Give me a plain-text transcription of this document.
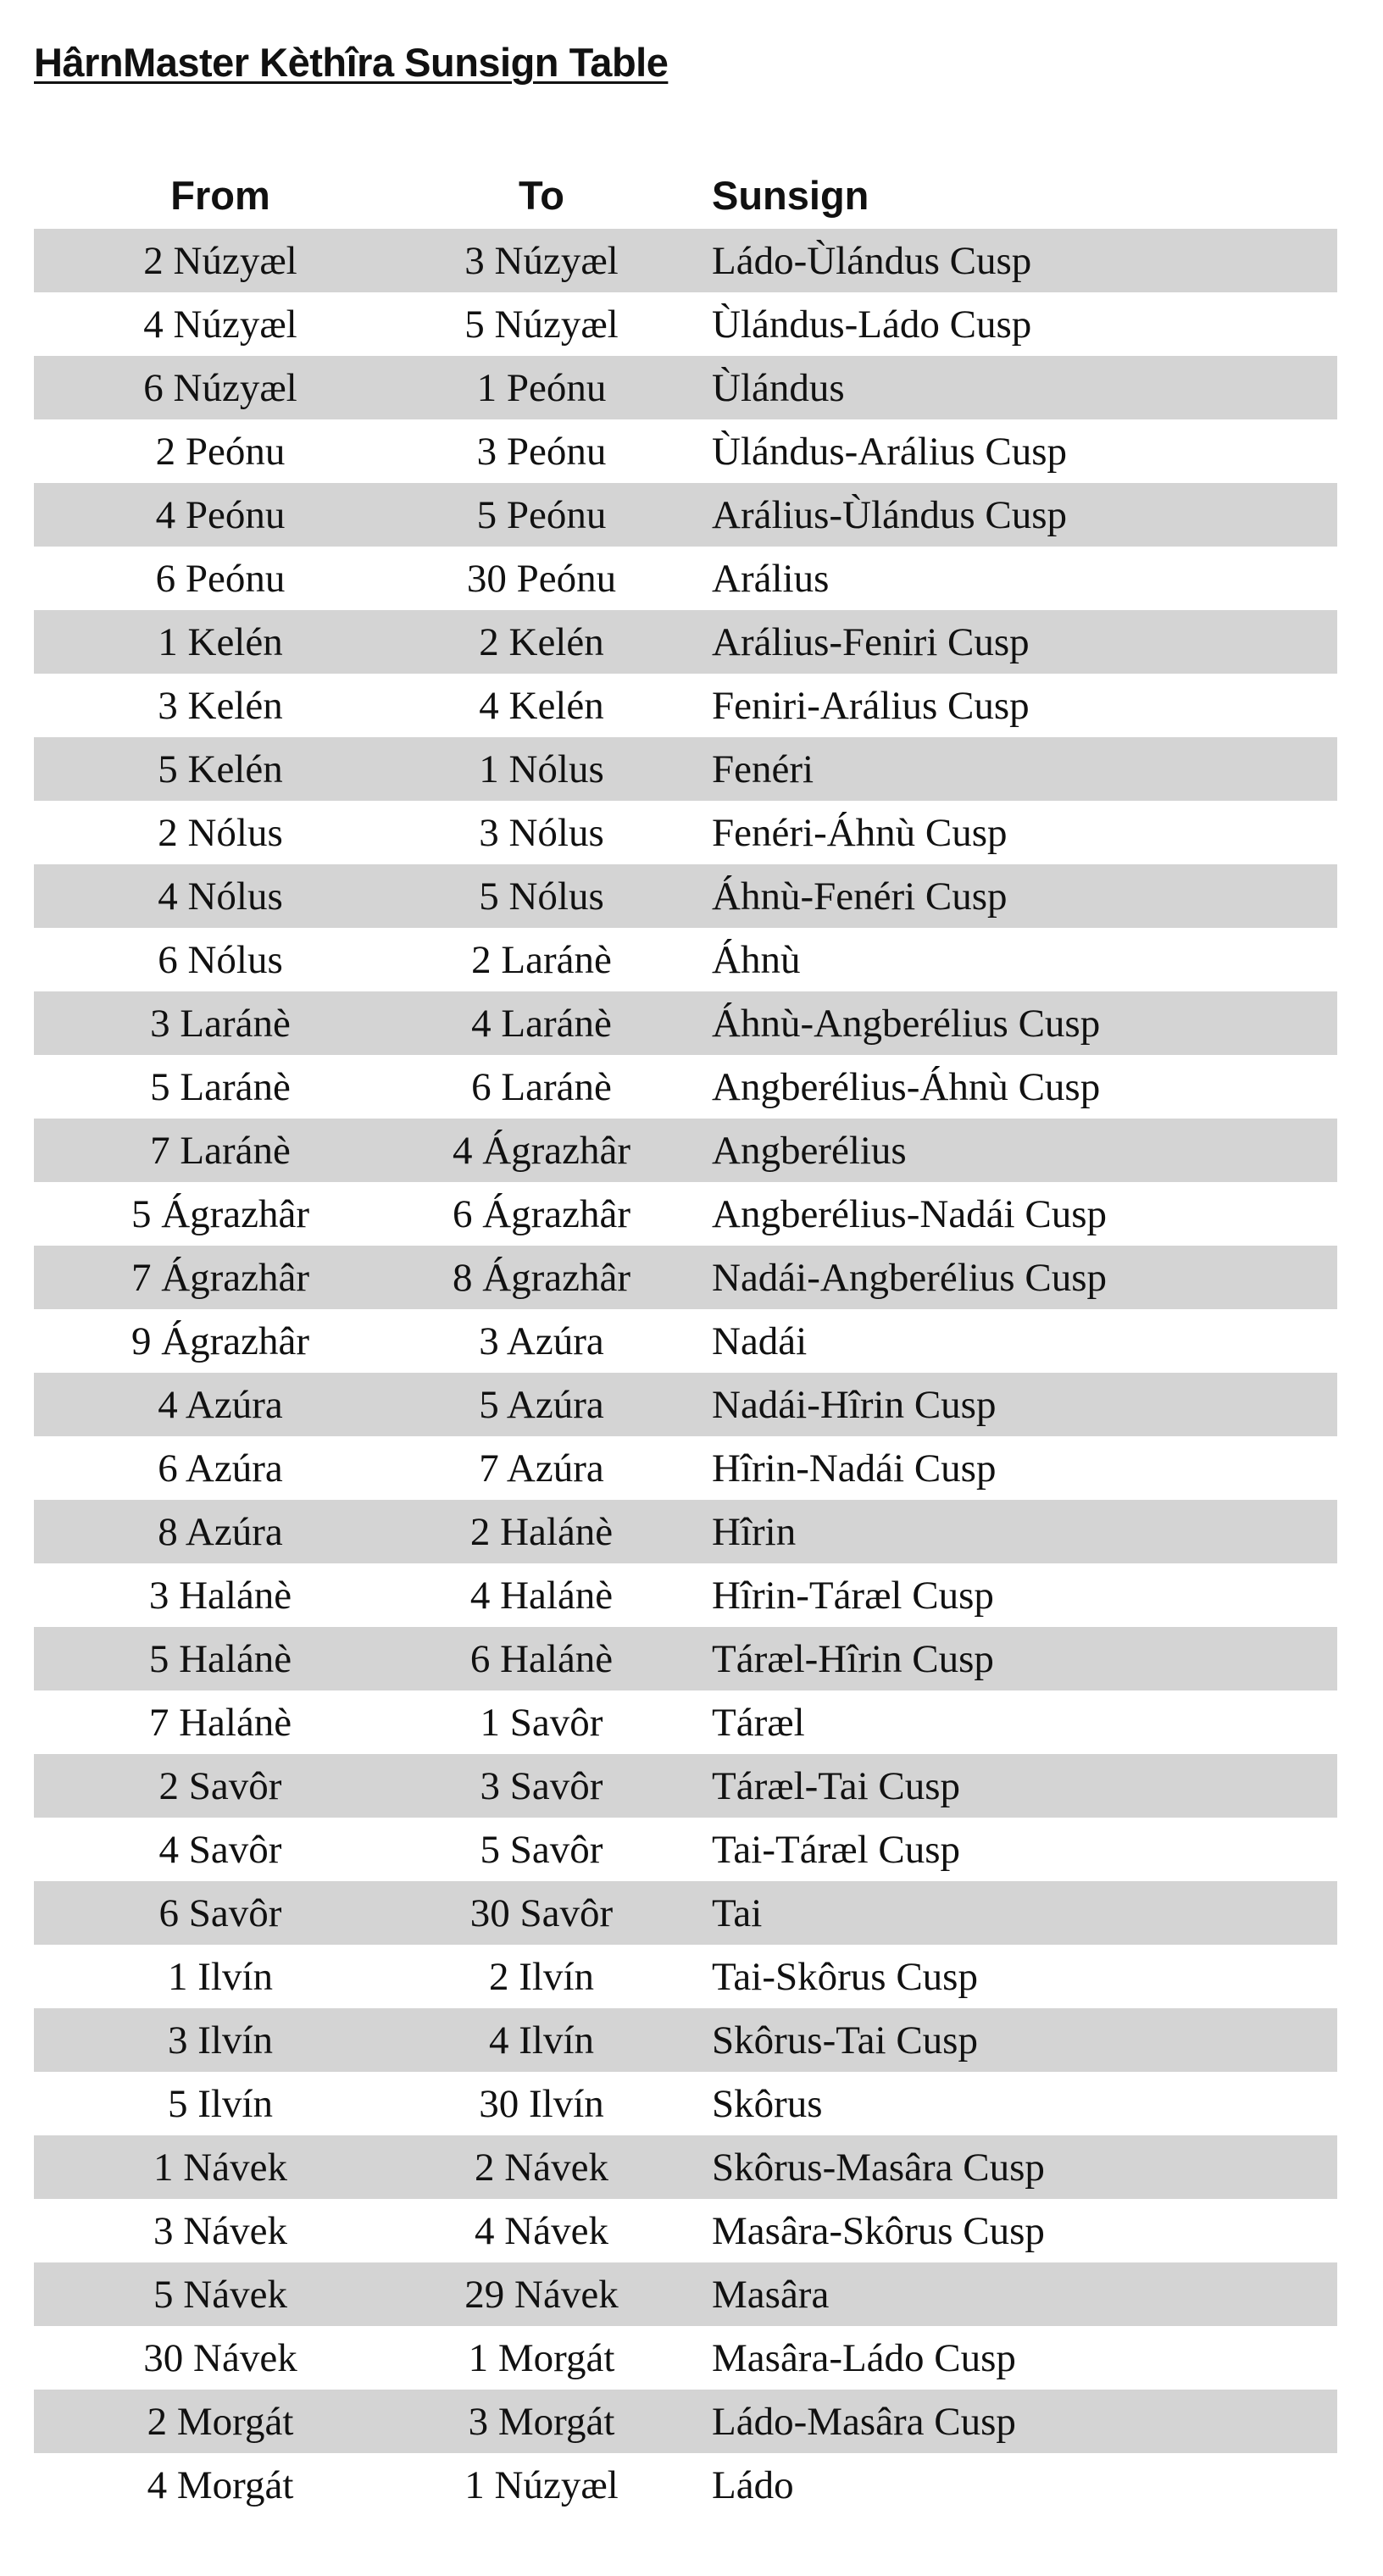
HârnMaster Kèthîra Sunsign Table
From	To	Sunsign
2 Núzyæl	3 Núzyæl	Ládo-Ùlándus Cusp
4 Núzyæl	5 Núzyæl	Ùlándus-Ládo Cusp
6 Núzyæl	1 Peónu	Ùlándus
2 Peónu	3 Peónu	Ùlándus-Arálius Cusp
4 Peónu	5 Peónu	Arálius-Ùlándus Cusp
6 Peónu	30 Peónu	Arálius
1 Kelén	2 Kelén	Arálius-Feniri Cusp
3 Kelén	4 Kelén	Feniri-Arálius Cusp
5 Kelén	1 Nólus	Fenéri
2 Nólus	3 Nólus	Fenéri-Áhnù Cusp
4 Nólus	5 Nólus	Áhnù-Fenéri Cusp
6 Nólus	2 Laránè	Áhnù
3 Laránè	4 Laránè	Áhnù-Angberélius Cusp
5 Laránè	6 Laránè	Angberélius-Áhnù Cusp
7 Laránè	4 Ágrazhâr	Angberélius
5 Ágrazhâr	6 Ágrazhâr	Angberélius-Nadái Cusp
7 Ágrazhâr	8 Ágrazhâr	Nadái-Angberélius Cusp
9 Ágrazhâr	3 Azúra	Nadái
4 Azúra	5 Azúra	Nadái-Hîrin Cusp
6 Azúra	7 Azúra	Hîrin-Nadái Cusp
8 Azúra	2 Halánè	Hîrin
3 Halánè	4 Halánè	Hîrin-Táræl Cusp
5 Halánè	6 Halánè	Táræl-Hîrin Cusp
7 Halánè	1 Savôr	Táræl
2 Savôr	3 Savôr	Táræl-Tai Cusp
4 Savôr	5 Savôr	Tai-Táræl Cusp
6 Savôr	30 Savôr	Tai
1 Ilvín	2 Ilvín	Tai-Skôrus Cusp
3 Ilvín	4 Ilvín	Skôrus-Tai Cusp
5 Ilvín	30 Ilvín	Skôrus
1 Návek	2 Návek	Skôrus-Masâra Cusp
3 Návek	4 Návek	Masâra-Skôrus Cusp
5 Návek	29 Návek	Masâra
30 Návek	1 Morgát	Masâra-Ládo Cusp
2 Morgát	3 Morgát	Ládo-Masâra Cusp
4 Morgát	1 Núzyæl	Ládo
